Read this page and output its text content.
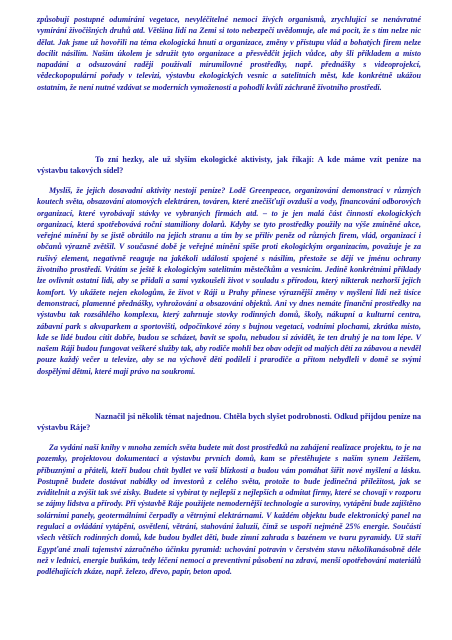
způsobují postupné odumírání vegetace, nevyléčitelné nemoci živých organismů, zrychlující se nenávratné vymírání živočišných druhů atd. Většina lidí na Zemi si toto nebezpečí uvědomuje, ale má pocit, že s tím nelze nic dělat. Jak jsme už hovořili na téma ekologická hnutí a organizace, změny v přístupu vlád a bohatých firem nelze docílit násilím. Naším úkolem je sdružit tyto organizace a přesvědčit jejich vůdce, aby šli příkladem a místo napadání a odsuzování raději používali mírumilovné prostředky, např. přednášky s videoprojekcí, vědeckopopulární pořady v televizi, výstavbu ekologických vesnic a satelitních měst, kde konkrétně ukážou ostatním, že není nutné vzdávat se moderních vymožeností a pohodlí kvůli záchraně životního prostředí.

To zní hezky, ale už slyším ekologické aktivisty, jak říkají: A kde máme vzít peníze na výstavbu takových sídel?

Myslíš, že jejich dosavadní aktivity nestojí peníze? Lodě Greenpeace, organizování demonstrací v různých koutech světa, obsazování atomových elektráren, továren, které znečišťují ovzduší a vody, financování odborových organizací, které vyrobávají stávky ve vybraných firmách atd. – to je jen malá část činností ekologických organizací, která spotřebovává roční stamiliony dolarů. Kdyby se tyto prostředky použily na výše zmíněné akce, veřejné mínění by se jistě obrátilo na jejich stranu a tím by se přilív peněz od různých firem, vlád, organizací i občanů výrazně zvětšil. V současné době je veřejné mínění spíše proti ekologickým organizacím, považuje je za rušivý element, negativně reaguje na jakékoli událostí spojené s násilím, přestože se dějí ve jménu ochrany životního prostředí. Vrátím se ještě k ekologickým satelitním městečkům a vesnicím. Jedině konkrétními příklady lze ovlivnit ostatní lidi, aby se přidali a sami vyzkoušeli život v souladu s přírodou, který nikterak nezhorší jejich komfort. Vy ukážete nejen ekologům, že život v Ráji u Prahy přinese výraznější změny v myšlení lidí než tisíce demonstrací, plamenné přednášky, vyhrožování a obsazování objektů. Ani vy dnes nemáte finanční prostředky na výstavbu tak rozsáhlého komplexu, který zahrnuje stovky rodinných domů, školy, nákupní a kulturní centra, zábavní park s akvaparkem a sportovišti, odpočinkové zóny s bujnou vegetací, vodními plochami, zkrátka místo, kde se lidé budou cítit dobře, budou se scházet, bavit se spolu, nebudou si závidět, že ten druhý je na tom lépe. V našem Ráji budou fungovat veškeré služby tak, aby rodiče mohli bez obav odejít od malých dětí za zábavou a nevděl pouze každý večer u televize, aby se na výchově dětí podíleli i prarodiče a přitom nebydleli v domě se svými dospělými dětmi, které mají právo na soukromí.

Naznačil jsi několik témat najednou. Chtěla bych slyšet podrobnosti. Odkud přijdou peníze na výstavbu Ráje?

Za vydání naší knihy v mnoha zemích světa budete mít dost prostředků na zahájení realizace projektu, to je na pozemky, projektovou dokumentaci a výstavbu prvních domů, kam se přestěhujete s naším synem Ježíšem, příbuznými a přáteli, kteří budou chtít bydlet ve vaší blízkosti a budou vám pomáhat šířit nové myšlení a lásku. Postupně budete dostávat nabídky od investorů z celého světa, protože to bude jedinečná příležitost, jak se zviditelnit a zvýšit tak své zisky. Budete si vybírat ty nejlepší z nejlepších a odmítat firmy, které se chovají v rozporu se zájmy lidstva a přírody. Při výstavbě Ráje použijete nemodernější technologie a suroviny, vytápění bude zajištěno solárními panely, geotermálními čerpadly a větrnými elektrárnami. V každém objektu bude elektronický panel na regulaci a ovládání vytápění, osvětlení, větrání, stahování žaluzií, čímž se uspoří nejméně 25% energie. Součástí všech větších rodinných domů, kde budou bydlet děti, bude zimní zahrada s bazénem ve tvaru pyramidy. Už staří Egypťané znali tajemství zázračného účinku pyramid: uchování potravin v čerstvém stavu několikanásobně déle než v lednici, energie buňkám, tedy léčení nemocí a preventivní působení na zdraví, menší opotřebování materiálů podléhajících zkáze, např. železo, dřevo, papír, beton apod.
